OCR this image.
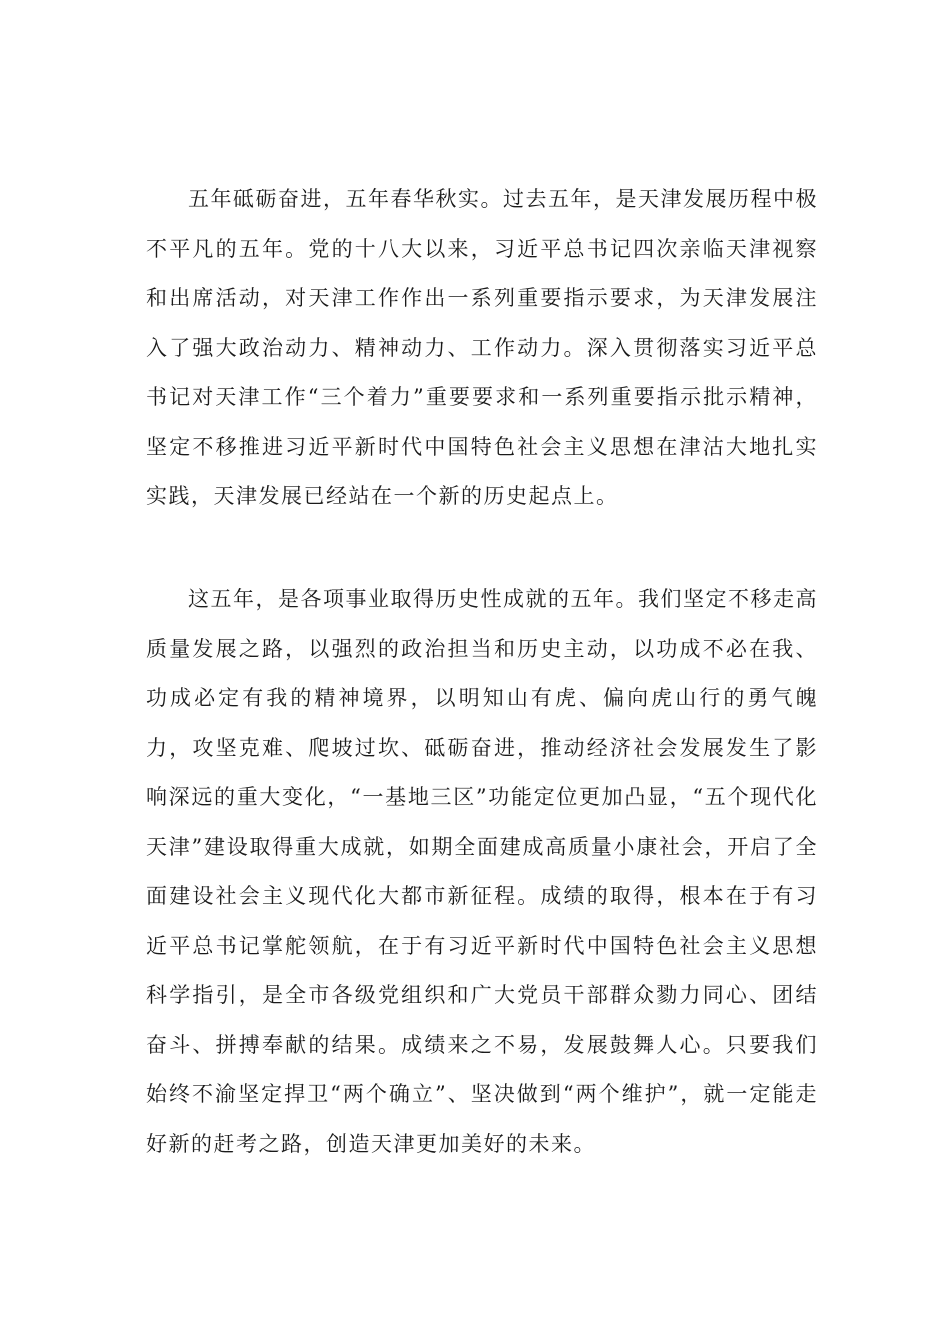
五年砥砺奋进，五年春华秋实。过去五年，是天津发展历程中极不平凡的五年。党的十八大以来，习近平总书记四次亲临天津视察和出席活动，对天津工作作出一系列重要指示要求，为天津发展注入了强大政治动力、精神动力、工作动力。深入贯彻落实习近平总书记对天津工作“三个着力”重要要求和一系列重要指示批示精神，坚定不移推进习近平新时代中国特色社会主义思想在津沽大地扎实实践，天津发展已经站在一个新的历史起点上。

这五年，是各项事业取得历史性成就的五年。我们坚定不移走高质量发展之路，以强烈的政治担当和历史主动，以功成不必在我、功成必定有我的精神境界，以明知山有虎、偏向虎山行的勇气魄力，攻坚克难、爬坡过坎、砥砺奋进，推动经济社会发展发生了影响深远的重大变化，“一基地三区”功能定位更加凸显，“五个现代化天津”建设取得重大成就，如期全面建成高质量小康社会，开启了全面建设社会主义现代化大都市新征程。成绩的取得，根本在于有习近平总书记掌舵领航，在于有习近平新时代中国特色社会主义思想科学指引，是全市各级党组织和广大党员干部群众勠力同心、团结奋斗、拼搏奉献的结果。成绩来之不易，发展鼓舞人心。只要我们始终不渝坚定捍卫“两个确立”、坚决做到“两个维护”，就一定能走好新的赶考之路，创造天津更加美好的未来。
